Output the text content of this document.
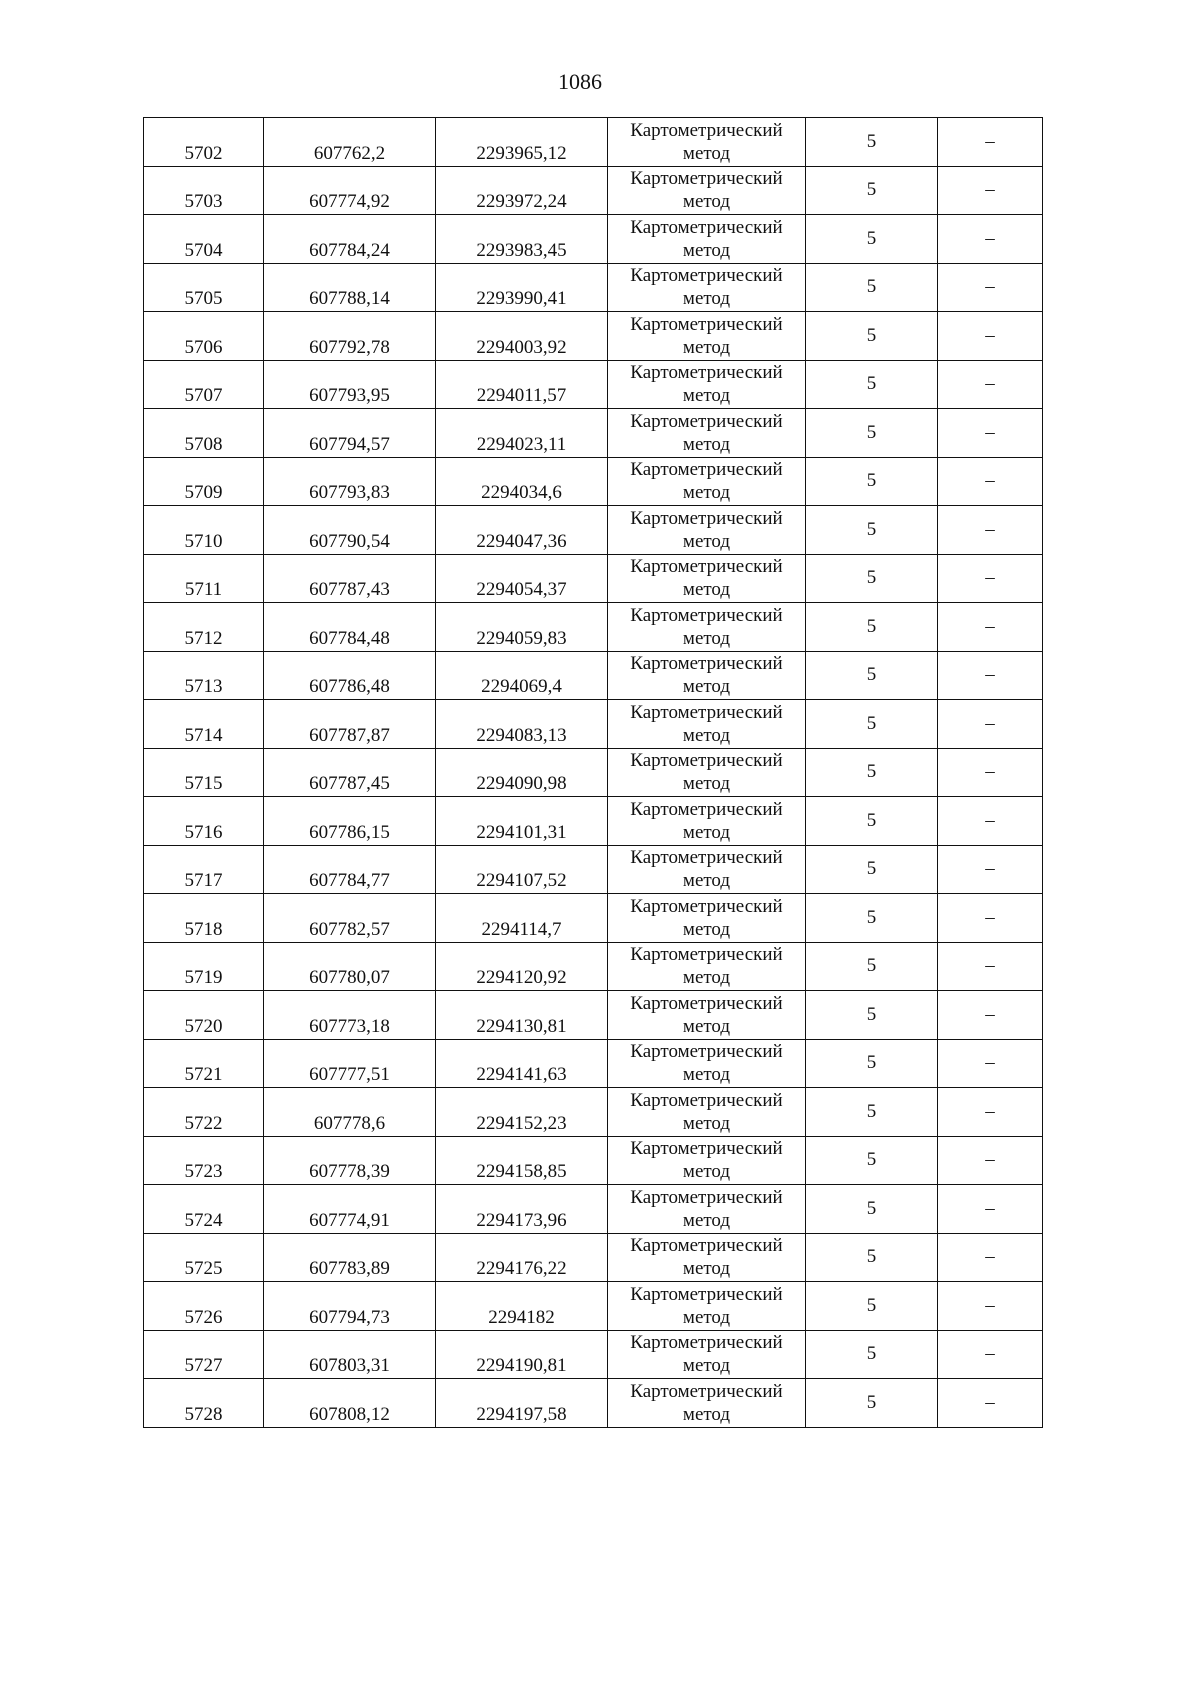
1086
5702	607762,2	2293965,12	Картометрический метод	5	–
5703	607774,92	2293972,24	Картометрический метод	5	–
5704	607784,24	2293983,45	Картометрический метод	5	–
5705	607788,14	2293990,41	Картометрический метод	5	–
5706	607792,78	2294003,92	Картометрический метод	5	–
5707	607793,95	2294011,57	Картометрический метод	5	–
5708	607794,57	2294023,11	Картометрический метод	5	–
5709	607793,83	2294034,6	Картометрический метод	5	–
5710	607790,54	2294047,36	Картометрический метод	5	–
5711	607787,43	2294054,37	Картометрический метод	5	–
5712	607784,48	2294059,83	Картометрический метод	5	–
5713	607786,48	2294069,4	Картометрический метод	5	–
5714	607787,87	2294083,13	Картометрический метод	5	–
5715	607787,45	2294090,98	Картометрический метод	5	–
5716	607786,15	2294101,31	Картометрический метод	5	–
5717	607784,77	2294107,52	Картометрический метод	5	–
5718	607782,57	2294114,7	Картометрический метод	5	–
5719	607780,07	2294120,92	Картометрический метод	5	–
5720	607773,18	2294130,81	Картометрический метод	5	–
5721	607777,51	2294141,63	Картометрический метод	5	–
5722	607778,6	2294152,23	Картометрический метод	5	–
5723	607778,39	2294158,85	Картометрический метод	5	–
5724	607774,91	2294173,96	Картометрический метод	5	–
5725	607783,89	2294176,22	Картометрический метод	5	–
5726	607794,73	2294182	Картометрический метод	5	–
5727	607803,31	2294190,81	Картометрический метод	5	–
5728	607808,12	2294197,58	Картометрический метод	5	–
